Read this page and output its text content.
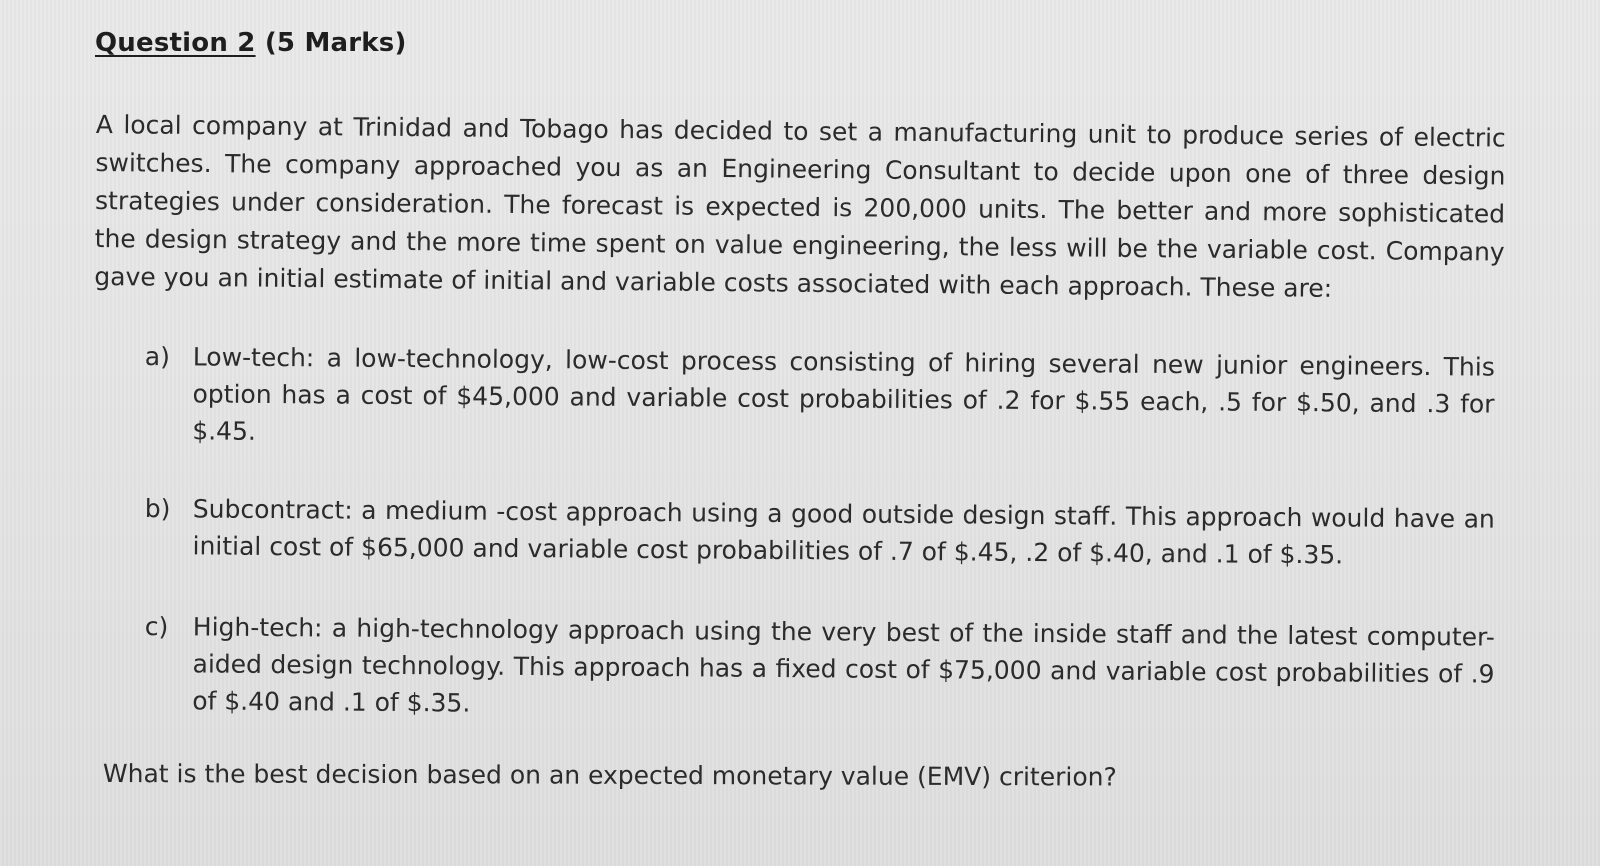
Question 2 (5 Marks)
A local company at Trinidad and Tobago has decided to set a manufacturing unit to produce series of electric switches. The company approached you as an Engineering Consultant to decide upon one of three design strategies under consideration. The forecast is expected is 200,000 units. The better and more sophisticated the design strategy and the more time spent on value engineering, the less will be the variable cost. Company gave you an initial estimate of initial and variable costs associated with each approach. These are:
a) Low-tech: a low-technology, low-cost process consisting of hiring several new junior engineers. This option has a cost of $45,000 and variable cost probabilities of .2 for $.55 each, .5 for $.50, and .3 for $.45.
b) Subcontract: a medium -cost approach using a good outside design staff. This approach would have an initial cost of $65,000 and variable cost probabilities of .7 of $.45, .2 of $.40, and .1 of $.35.
c) High-tech: a high-technology approach using the very best of the inside staff and the latest computer-aided design technology. This approach has a fixed cost of $75,000 and variable cost probabilities of .9 of $.40 and .1 of $.35.
What is the best decision based on an expected monetary value (EMV) criterion?
